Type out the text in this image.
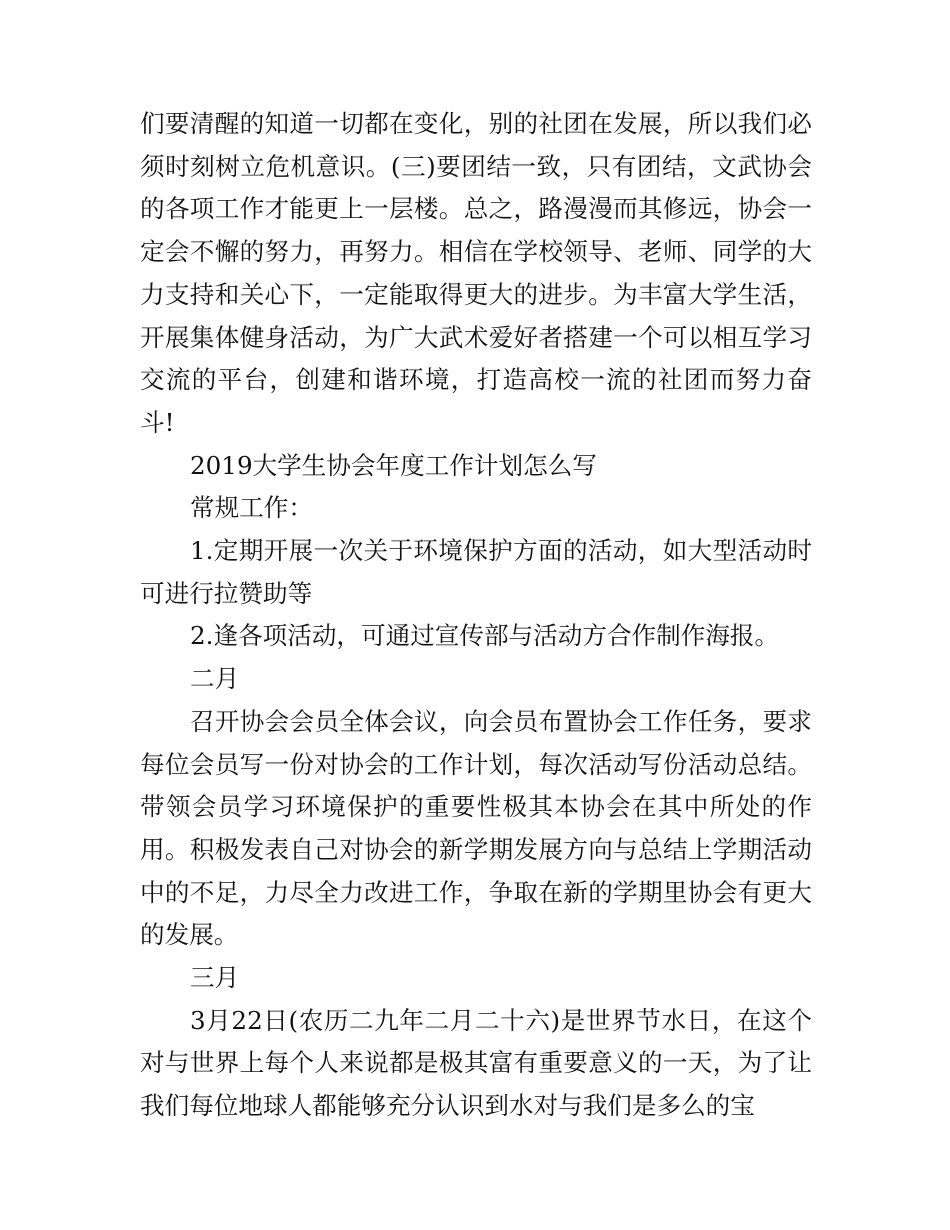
们要清醒的知道一切都在变化，别的社团在发展，所以我们必须时刻树立危机意识。(三)要团结一致，只有团结，文武协会的各项工作才能更上一层楼。总之，路漫漫而其修远，协会一定会不懈的努力，再努力。相信在学校领导、老师、同学的大力支持和关心下，一定能取得更大的进步。为丰富大学生活，开展集体健身活动，为广大武术爱好者搭建一个可以相互学习交流的平台，创建和谐环境，打造高校一流的社团而努力奋斗!

2019大学生协会年度工作计划怎么写

常规工作：

1.定期开展一次关于环境保护方面的活动，如大型活动时可进行拉赞助等

2.逢各项活动，可通过宣传部与活动方合作制作海报。

二月

召开协会会员全体会议，向会员布置协会工作任务，要求每位会员写一份对协会的工作计划，每次活动写份活动总结。带领会员学习环境保护的重要性极其本协会在其中所处的作用。积极发表自己对协会的新学期发展方向与总结上学期活动中的不足，力尽全力改进工作，争取在新的学期里协会有更大的发展。

三月

3月22日(农历二九年二月二十六)是世界节水日，在这个对与世界上每个人来说都是极其富有重要意义的一天，为了让我们每位地球人都能够充分认识到水对与我们是多么的宝
